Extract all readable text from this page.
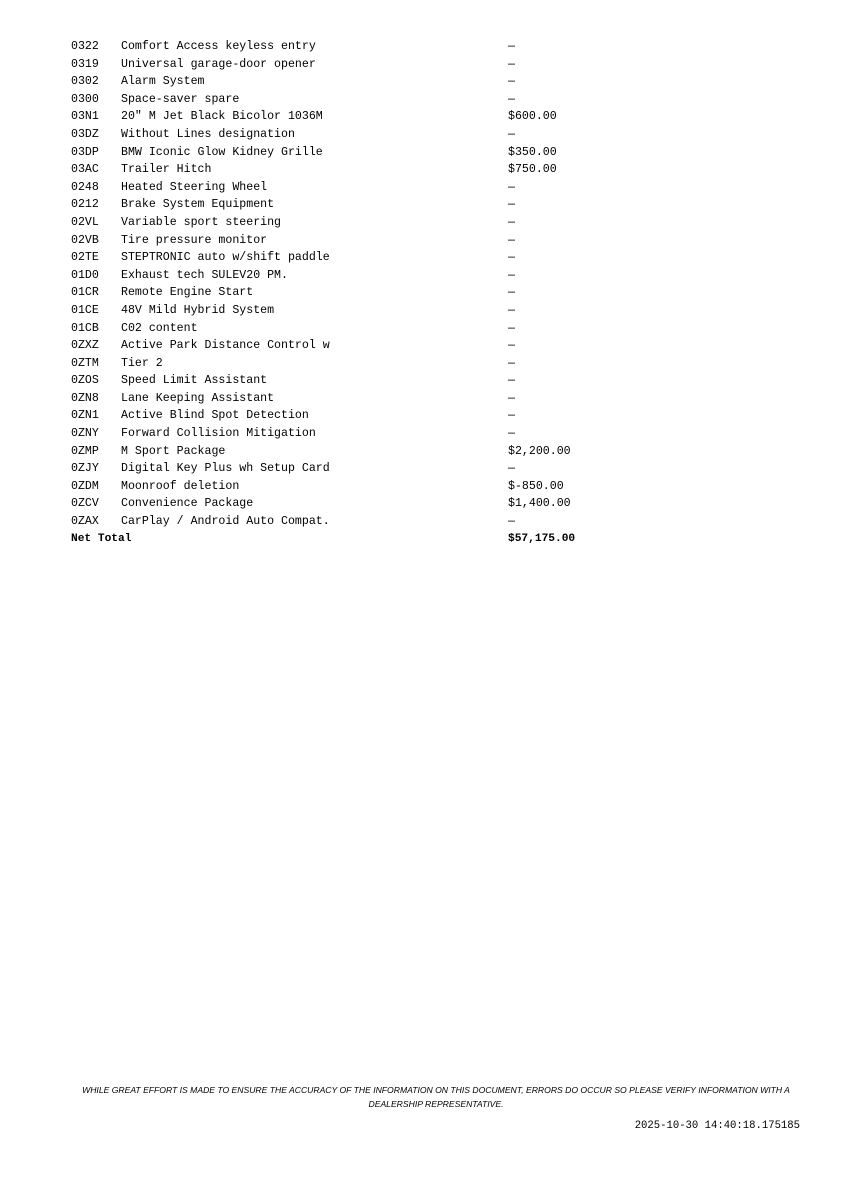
0322 Comfort Access keyless entry	—
0319 Universal garage-door opener	—
0302 Alarm System	—
0300 Space-saver spare	—
03N1 20" M Jet Black Bicolor 1036M	$600.00
03DZ Without Lines designation	—
03DP BMW Iconic Glow Kidney Grille	$350.00
03AC Trailer Hitch	$750.00
0248 Heated Steering Wheel	—
0212 Brake System Equipment	—
02VL Variable sport steering	—
02VB Tire pressure monitor	—
02TE STEPTRONIC auto w/shift paddle	—
01D0 Exhaust tech SULEV20 PM.	—
01CR Remote Engine Start	—
01CE 48V Mild Hybrid System	—
01CB C02 content	—
0ZXZ Active Park Distance Control w	—
0ZTM Tier 2	—
0ZOS Speed Limit Assistant	—
0ZN8 Lane Keeping Assistant	—
0ZN1 Active Blind Spot Detection	—
0ZNY Forward Collision Mitigation	—
0ZMP M Sport Package	$2,200.00
0ZJY Digital Key Plus wh Setup Card	—
0ZDM Moonroof deletion	$-850.00
0ZCV Convenience Package	$1,400.00
0ZAX CarPlay / Android Auto Compat.	—
Net Total	$57,175.00
WHILE GREAT EFFORT IS MADE TO ENSURE THE ACCURACY OF THE INFORMATION ON THIS DOCUMENT, ERRORS DO OCCUR SO PLEASE VERIFY INFORMATION WITH A DEALERSHIP REPRESENTATIVE.
2025-10-30 14:40:18.175185
